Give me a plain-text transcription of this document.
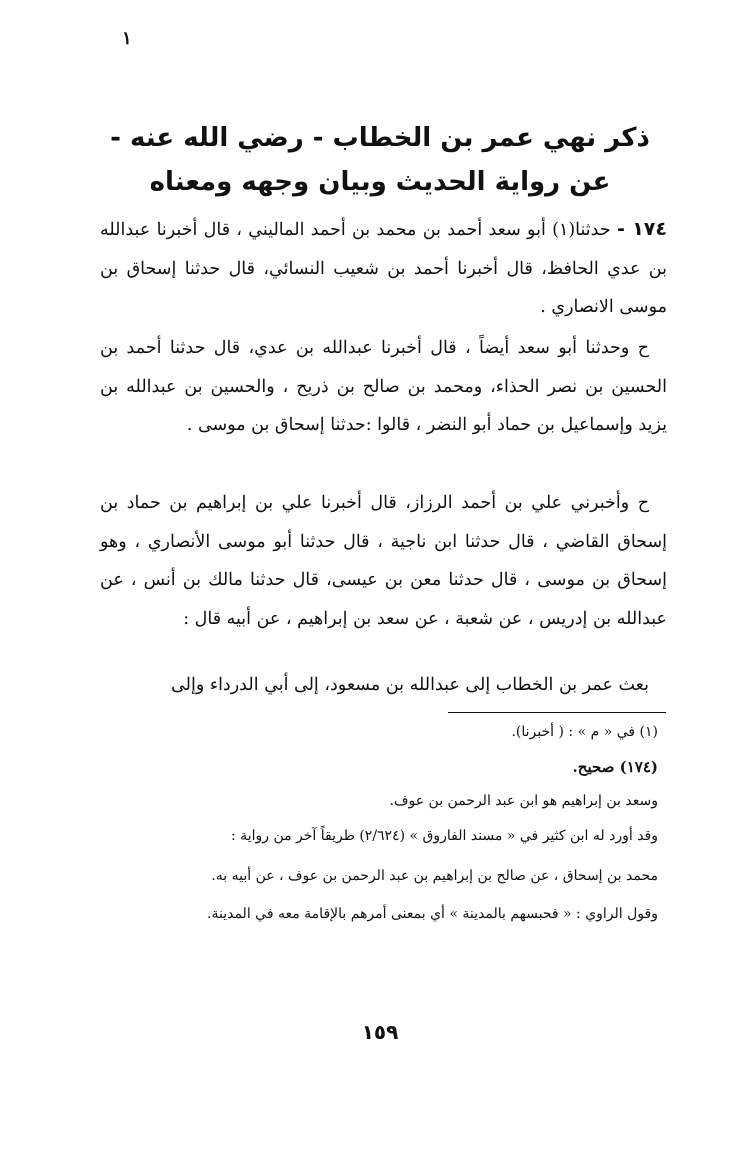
١
ذكر نهي عمر بن الخطاب - رضي الله عنه -
عن رواية الحديث وبيان وجهه ومعناه

١٧٤ - حدثنا(١) أبو سعد أحمد بن محمد بن أحمد الماليني ، قال أخبرنا عبدالله بن عدي الحافظ، قال أخبرنا أحمد بن شعيب النسائي، قال حدثنا إسحاق بن موسى الانصاري .

ح وحدثنا أبو سعد أيضاً ، قال أخبرنا عبدالله بن عدي، قال حدثنا أحمد بن الحسين بن نصر الحذاء، ومحمد بن صالح بن ذريح ، والحسين بن عبدالله بن يزيد وإسماعيل بن حماد أبو النضر ، قالوا :حدثنا إسحاق بن موسى .

ح وأخبرني علي بن أحمد الرزاز، قال أخبرنا علي بن إبراهيم بن حماد بن إسحاق القاضي ، قال حدثنا ابن ناجية ، قال حدثنا أبو موسى الأنصاري ، وهو إسحاق بن موسى ، قال حدثنا معن بن عيسى، قال حدثنا مالك بن أنس ، عن عبدالله بن إدريس ، عن شعبة ، عن سعد بن إبراهيم ، عن أبيه قال :

بعث عمر بن الخطاب إلى عبدالله بن مسعود، إلى أبي الدرداء وإلى

(١) في « م » : ( أخبرنا).
(١٧٤) صحيح.
وسعد بن إبراهيم هو ابن عبد الرحمن بن عوف.
وقد أورد له ابن كثير في « مسند الفاروق » (٢/٦٢٤) طريقاً آخر من رواية :
محمد بن إسحاق ، عن صالح بن إبراهيم بن عبد الرحمن بن عوف ، عن أبيه به.
وقول الراوي : « فحبسهم بالمدينة » أي بمعنى أمرهم بالإقامة معه في المدينة.
١٥٩
